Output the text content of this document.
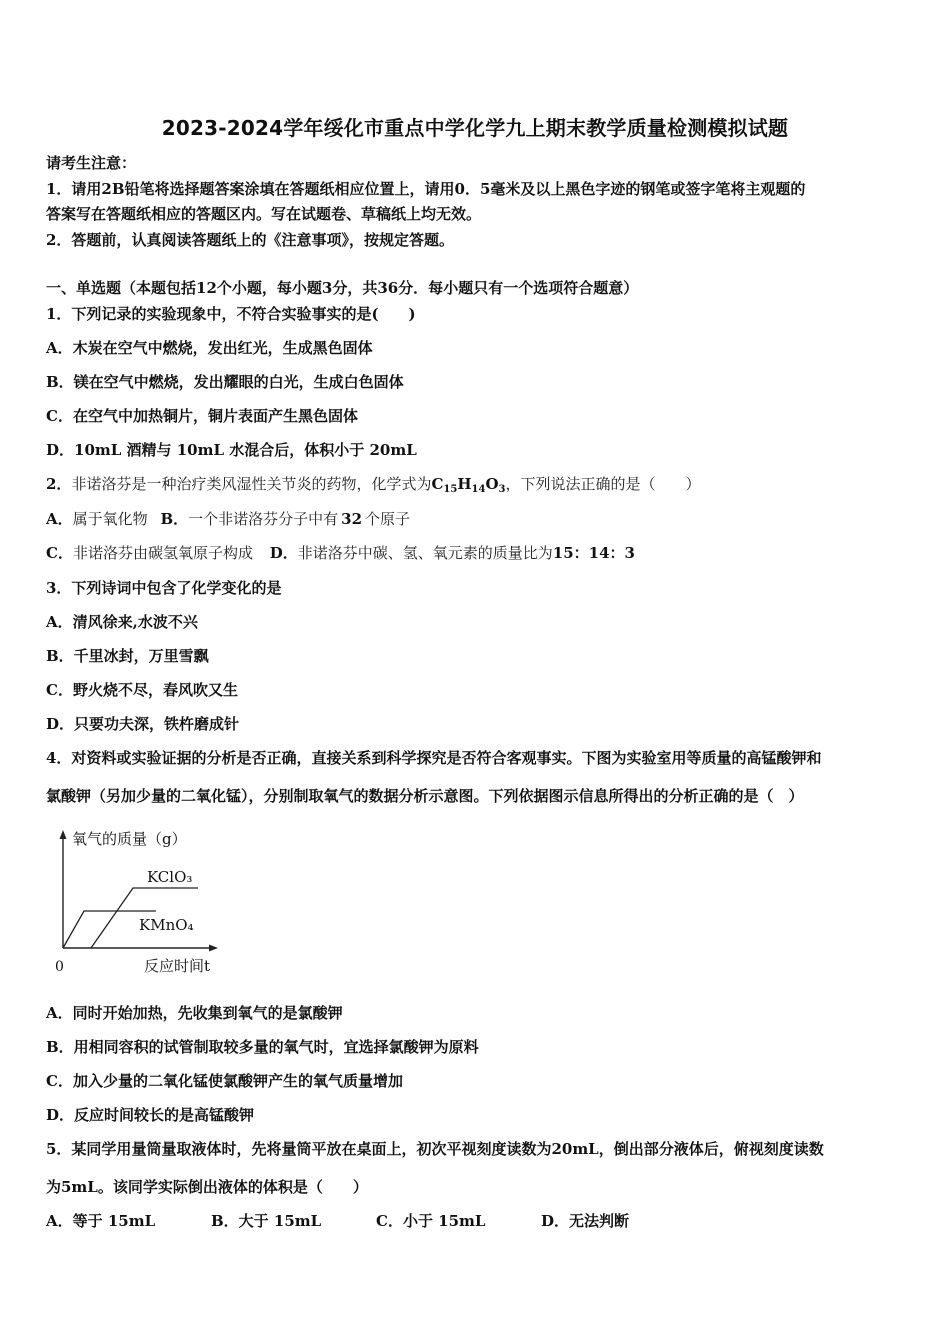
2023-2024学年绥化市重点中学化学九上期末教学质量检测模拟试题
请考生注意：
1．请用2B铅笔将选择题答案涂填在答题纸相应位置上，请用0．5毫米及以上黑色字迹的钢笔或签字笔将主观题的
答案写在答题纸相应的答题区内。写在试题卷、草稿纸上均无效。
2．答题前，认真阅读答题纸上的《注意事项》，按规定答题。
一、单选题（本题包括12个小题，每小题3分，共36分．每小题只有一个选项符合题意）
1．下列记录的实验现象中，不符合实验事实的是(　　)
A．木炭在空气中燃烧，发出红光，生成黑色固体
B．镁在空气中燃烧，发出耀眼的白光，生成白色固体
C．在空气中加热铜片，铜片表面产生黑色固体
D．10mL 酒精与 10mL 水混合后，体积小于 20mL
2．非诺洛芬是一种治疗类风湿性关节炎的药物，化学式为$C_{15}H_{14}O_3$，下列说法正确的是（　　）
A．属于氧化物 B．一个非诺洛芬分子中有 32 个原子
C．非诺洛芬由碳氢氧原子构成 D．非诺洛芬中碳、氢、氧元素的质量比为15：14：3
3．下列诗词中包含了化学变化的是
A．清风徐来,水波不兴
B．千里冰封，万里雪飘
C．野火烧不尽，春风吹又生
D．只要功夫深，铁杵磨成针
4．对资料或实验证据的分析是否正确，直接关系到科学探究是否符合客观事实。下图为实验室用等质量的高锰酸钾和
氯酸钾（另加少量的二氧化锰），分别制取氧气的数据分析示意图。下列依据图示信息所得出的分析正确的是（　）
氧气的质量（g）
KClO₃
KMnO₄
0	反应时间t
A．同时开始加热，先收集到氧气的是氯酸钾
B．用相同容积的试管制取较多量的氧气时，宜选择氯酸钾为原料
C．加入少量的二氧化锰使氯酸钾产生的氧气质量增加
D．反应时间较长的是高锰酸钾
5．某同学用量筒量取液体时，先将量筒平放在桌面上，初次平视刻度读数为20mL，倒出部分液体后，俯视刻度读数
为5mL。该同学实际倒出液体的体积是（　　）
A．等于 15mL	B．大于 15mL	C．小于 15mL	D．无法判断
